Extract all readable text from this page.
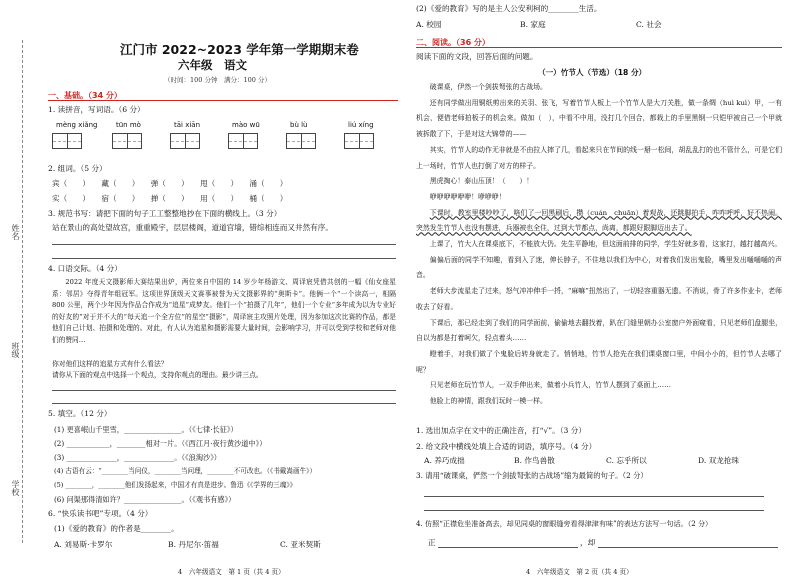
姓名
班级
学校
江门市 2022~2023 学年第一学期期末卷
六年级　语文
（时间：100 分钟　满分：100 分）
一、基础。（34 分）
1. 读拼音，写词语。（6 分）
mèng xiǎng	tūn mò	tāi xiān	mào wū	bù lù	liú xíng
2. 组词。（5 分）
宾（　　）　　藏（　　）　　弹（　　）　　甩（　　）　　涌（　　）
实（　　）　　宿（　　）　　掸（　　）　　用（　　）　　桶（　　）
3. 规范书写：请把下面的句子工工整整地抄在下面的横线上。（3 分）
站在景山的高处望故宫，重重殿宇，层层楼阁，道道宫墙，错综相连而又井然有序。
4. 口语交际。（4 分）
2022 年度天文摄影师大赛结果出炉，两位来自中国的 14 岁少年杨游文、周译宸凭借共创的一幅《仙女座星系：邻居》夺得青年组冠军。这项世界顶级天文赛事被誉为天文摄影界的“奥斯卡”。他俩一个“一个读高一，相隔 800 公里，两个少年因为作品合作成为“追星”成梦友。他们一个“拍摄了几年”，他们一个专业“多年成为以为专业好的好友的”对于并不大的“每天追一个全方位”的星空“摄影”，周译宸主攻照片处理，因为参加这次比赛的作品，都是他们自己计划、拍摄和处理的。对此，有人认为追星和摄影需要大量时间，会影响学习，并可以受到学校和老师对他们的赞同…
你对他们这样的追星方式有什么看法？
请你从下面的观点中选择一个观点，支持你观点的理由。最少讲三点。
5. 填空。（12 分）
(1) 更喜岷山千里雪，________________。（《七律·长征》）
(2) ____________，________相对一片。（《西江月·夜行黄沙道中》）
(3) ______________，______________。（《浪淘沙》）
(4) 古语有云：“________当问仪，________当问理，________不可改也。（《书戴嵩画牛》）
(5) ________，________他们发扬起来，中国才有真是进步。鲁迅《《学界的三魂》》
(6) 问渠那得清如许？________________。（《观书有感》）
6. “快乐读书吧”专项。（4 分）
(1)《爱的教育》的作者是________。
A. 刘易斯·卡罗尔	B. 丹尼尔·笛福	C. 亚米契斯
4　六年级语文　第 1 页（共 4 页）
(2)《爱的教育》写的是主人公安利柯的________生活。
A. 校园	B. 家庭	C. 社会
二、阅读。（36 分）
阅读下面的文段，回答后面的问题。
（一）竹节人（节选）（18 分）
破课桌，伊然一个剑拔弩张的古战场。
还有同学做出用铜纸剪出来的关羽、张飞，写着竹节人板上一个竹节人是大刀关胜，做一条绸（huì kuì）甲，一有机会，便借老师拍板子的机会来。做加（　），中看不中用，没打几个回合，都栽上的手里黑钢一只铠甲被自己一个甲就被拆散了下，于是对这大锦带的——
其实，竹节人的动作无非就是不由拉人摔了几，看起来只在节间的线一掰一松间，胡乱乱打的也不管什么，可是它们上一场时，竹节人也打倒了对方的样子。
黑虎掏心！泰山压顶！（　　）！
咿咿咿咿咿咿！咿咿咿！
下课时，教室里楼吵吵了，咯们了一回黑刷后，攒（cuán　chuān）着观战，还跳脚拍手，咋咋呼呼，好不热闹。突然发生竹节人也没有摆进，兵器被也全住，过到大节都点，尚离，都跟好跟脚迈出去了。
上课了，竹大人在课桌底下，不能放大仍。先生平静地，但这面前排的同学，学生好就多看，这家打，越打越高兴。
偏偏后面的同学不知趣，看到入了迷，伸长脖子，不住地以我们为中心，对着我们发出鬼脸，嘴里发出嗵嗵嗵的声音。
老师大步流星走了过来，怒气冲冲伸手一捋，“麻嘛”扭然出了，一切轻容重器无遗。不消说，骨了许多作业卡，老师收去了好看。
下课后，那已经走到了我们的同学面前，偷偷地去翻找着，趴在门缝里朝办公室窗户外面窥看，只见老师们盘腿坐，自以为都是打着呵欠，轻点着头……
瞪着手，对我们做了个鬼脸后转身就走了。悄悄地，竹节人抢先在我们课桌窗口里，中间小小的，但竹节人去哪了呢？
只见老师在玩竹节人，一双手伸出来，做着小兵竹人，竹节人摆到了桌面上……
他脸上的神情，跟我们玩时一模一样。
1. 选出加点字在文中的正确注音，打“√”。（3 分）
2. 给文段中横线处填上合适的词语，填序号。（4 分）
A. 养巧成拙	B. 作鸟兽散	C. 忘乎所以	D. 双龙抢珠
3. 请用“破课桌，俨然一个剑拔弩张的古战场”缩为最简的句子。（2 分）
4. 仿照“正襟危坐准备高去，却见同桌的窗眼缝旁看得津津有味”的表达方法写一句话。（2 分）
正	，却
4　六年级语文　第 2 页（共 4 页）
